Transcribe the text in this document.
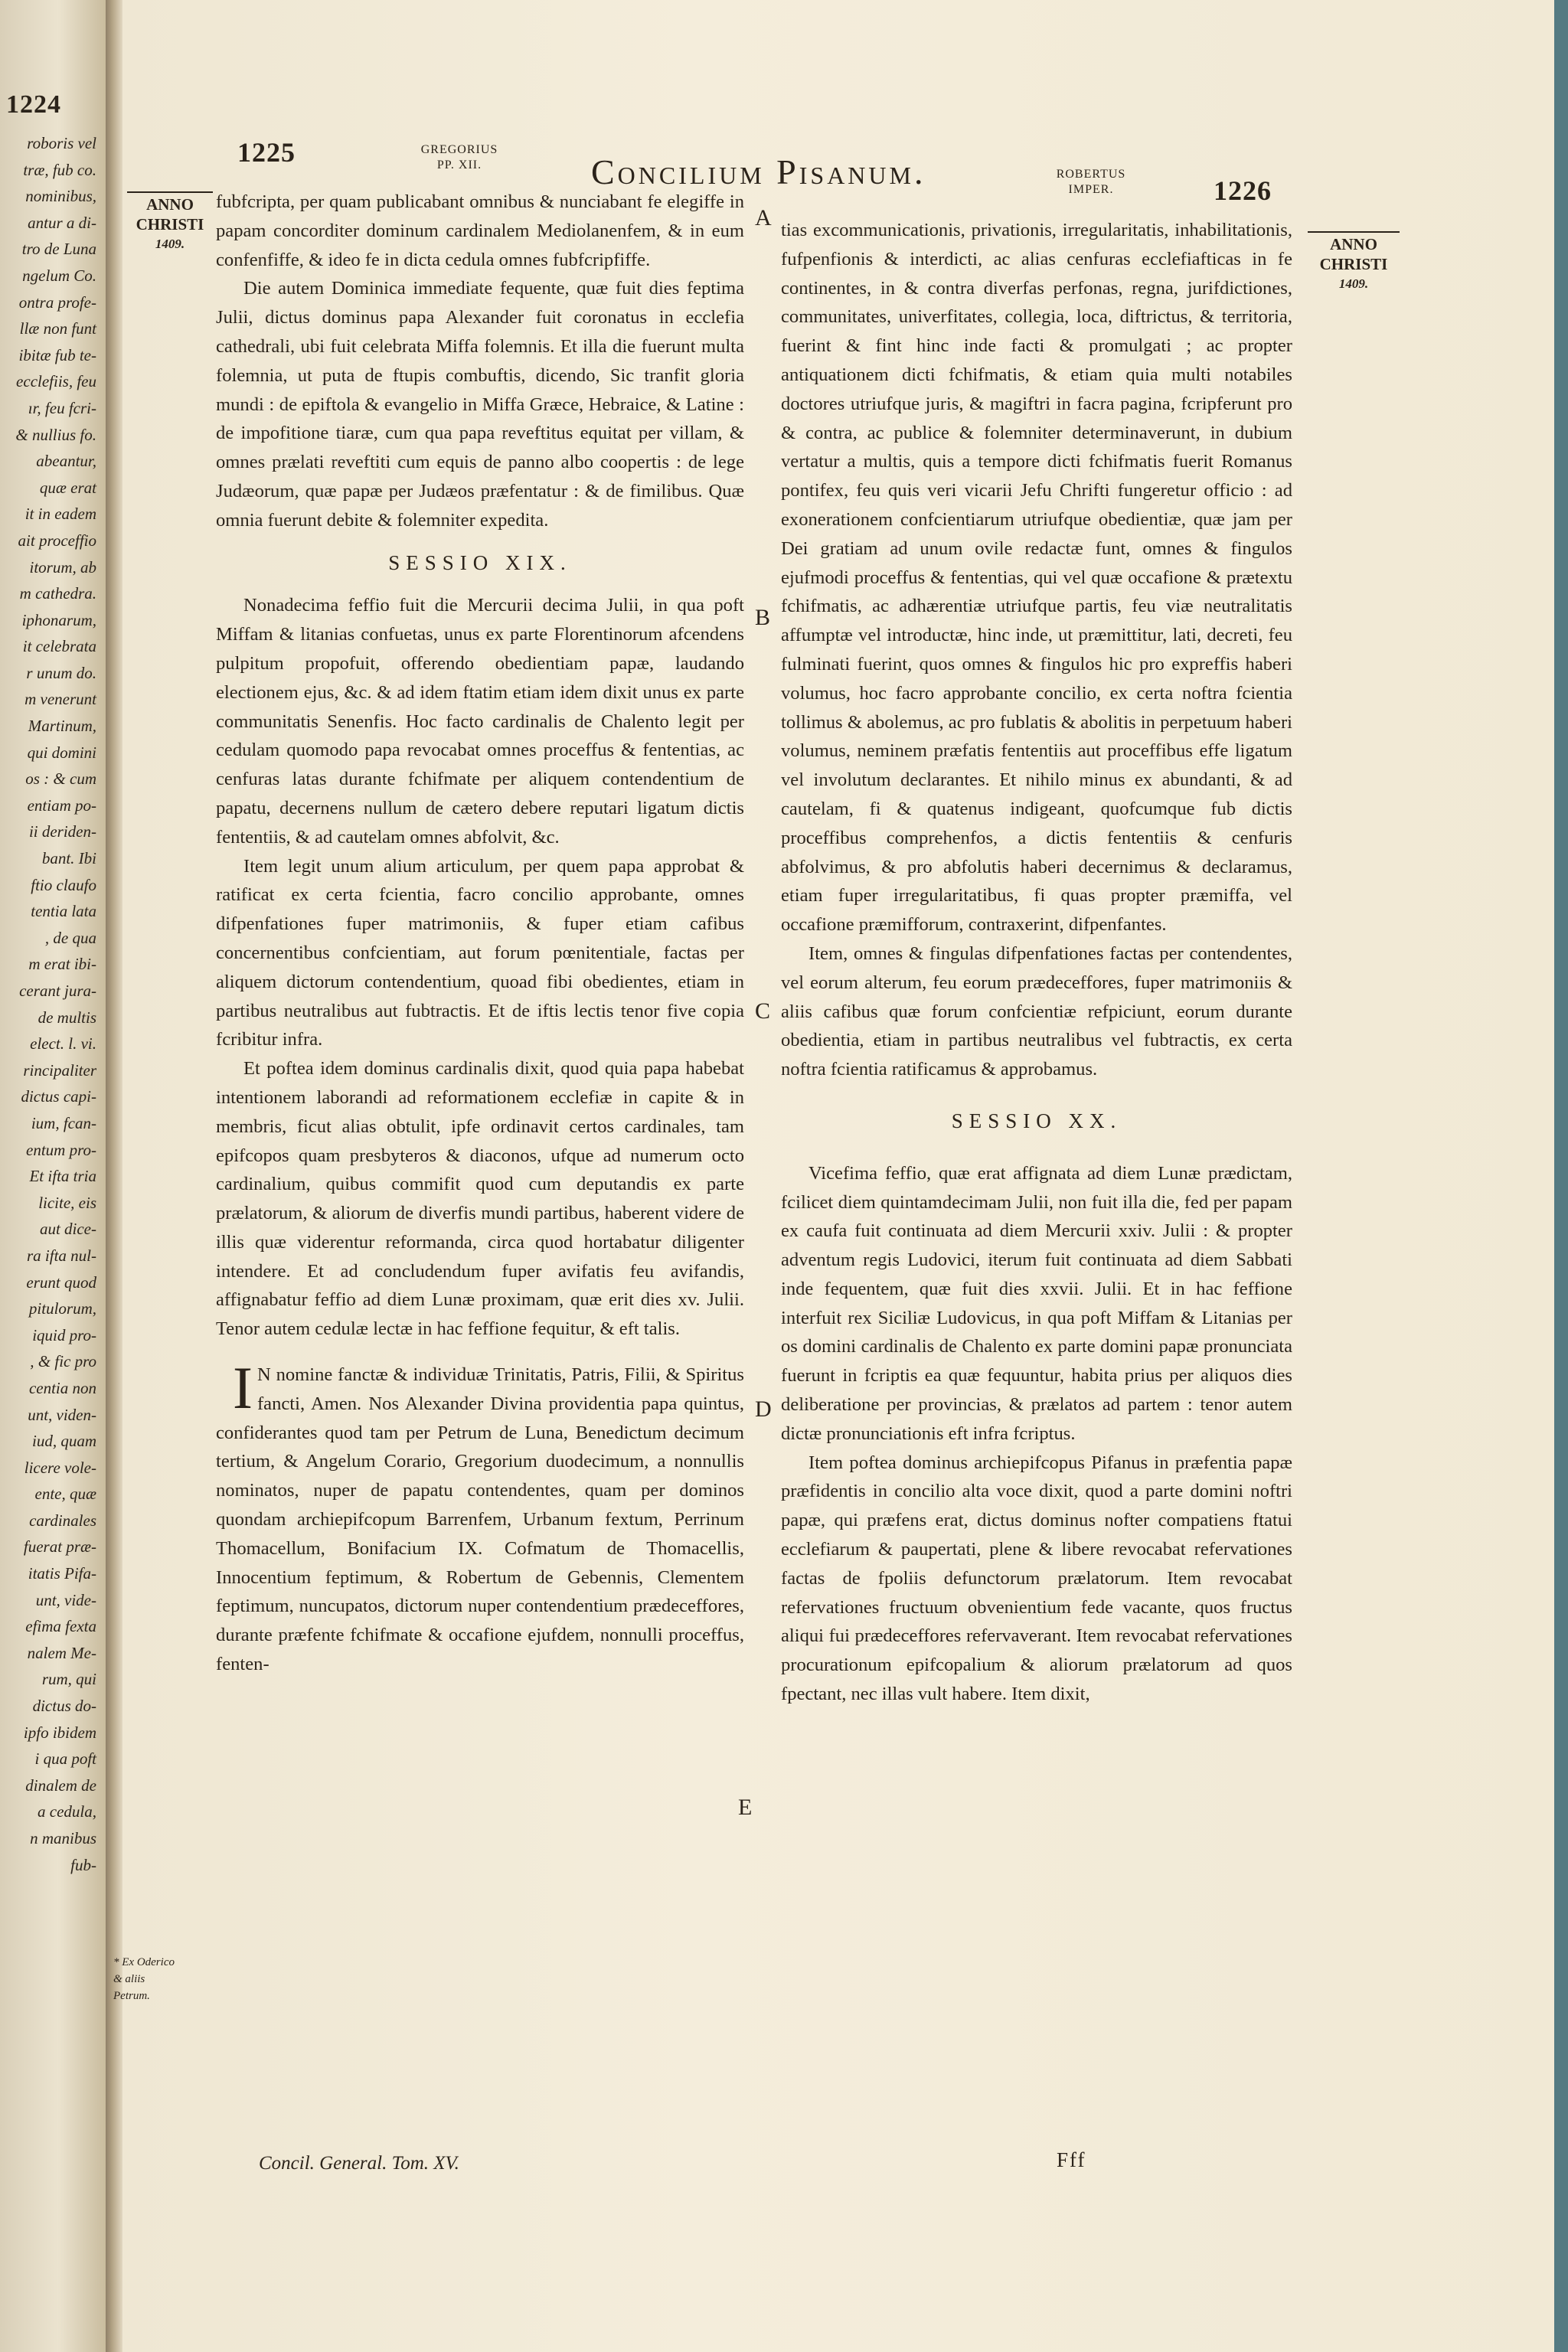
1224
roboris vel
træ, fub co.
nominibus,
antur a di-
tro de Luna
ngelum Co.
ontra profe-
llæ non funt
ibitæ fub te-
ecclefiis, feu
ır, feu fcri-
& nullius fo.
abeantur,
quæ erat
it in eadem
ait proceffio
itorum, ab
m cathedra.
iphonarum,
it celebrata
r unum do.
m venerunt
Martinum,
qui domini
os : & cum
entiam po-
ii deriden-
bant. Ibi
ftio claufo
tentia lata
, de qua
m erat ibi-
cerant jura-
de multis
elect. l. vi.
rincipaliter
dictus capi-
ium, fcan-
entum pro-
Et ifta tria
licite, eis
aut dice-
ra ifta nul-
erunt quod
pitulorum,
iquid pro-
, & fic pro
centia non
unt, viden-
iud, quam
licere vole-
ente, quæ
cardinales
fuerat præ-
itatis Pifa-
unt, vide-
efima fexta
nalem Me-
rum, qui
dictus do-
ipfo ibidem
i qua poft
dinalem de
a cedula,
n manibus
fub-
1225	GREGORIUS
PP. XII.	Concilium Pisanum.	ROBERTUS
IMPER.	1226
ANNO
CHRISTI
1409.	ANNO
CHRISTI
1409.

fubfcripta, per quam publicabant omnibus & nunciabant fe elegiffe in papam concorditer dominum cardinalem Mediolanenfem, & in eum confenfiffe, & ideo fe in dicta cedula omnes fubfcripfiffe.

Die autem Dominica immediate fequente, quæ fuit dies feptima Julii, dictus dominus papa Alexander fuit coronatus in ecclefia cathedrali, ubi fuit celebrata Miffa folemnis. Et illa die fuerunt multa folemnia, ut puta de ftupis combuftis, dicendo, Sic tranfit gloria mundi : de epiftola & evangelio in Miffa Græce, Hebraice, & Latine : de impofitione tiaræ, cum qua papa reveftitus equitat per villam, & omnes prælati reveftiti cum equis de panno albo coopertis : de lege Judæorum, quæ papæ per Judæos præfentatur : & de fimilibus. Quæ omnia fuerunt debite & folemniter expedita.

SESSIO XIX.

Nonadecima feffio fuit die Mercurii decima Julii, in qua poft Miffam & litanias confuetas, unus ex parte Florentinorum afcendens pulpitum propofuit, offerendo obedientiam papæ, laudando electionem ejus, &c. & ad idem ftatim etiam idem dixit unus ex parte communitatis Senenfis. Hoc facto cardinalis de Chalento legit per cedulam quomodo papa revocabat omnes proceffus & fententias, ac cenfuras latas durante fchifmate per aliquem contendentium de papatu, decernens nullum de cætero debere reputari ligatum dictis fententiis, & ad cautelam omnes abfolvit, &c.

Item legit unum alium articulum, per quem papa approbat & ratificat ex certa fcientia, facro concilio approbante, omnes difpenfationes fuper matrimoniis, & fuper etiam cafibus concernentibus confcientiam, aut forum pœnitentiale, factas per aliquem dictorum contendentium, quoad fibi obedientes, etiam in partibus neutralibus aut fubtractis. Et de iftis lectis tenor five copia fcribitur infra.

Et poftea idem dominus cardinalis dixit, quod quia papa habebat intentionem laborandi ad reformationem ecclefiæ in capite & in membris, ficut alias obtulit, ipfe ordinavit certos cardinales, tam epifcopos quam presbyteros & diaconos, ufque ad numerum octo cardinalium, quibus commifit quod cum deputandis ex parte prælatorum, & aliorum de diverfis mundi partibus, haberent videre de illis quæ viderentur reformanda, circa quod hortabatur diligenter intendere. Et ad concludendum fuper avifatis feu avifandis, affignabatur feffio ad diem Lunæ proximam, quæ erit dies xv. Julii. Tenor autem cedulæ lectæ in hac feffione fequitur, & eft talis.

I N nomine fanctæ & individuæ Trinitatis, Patris, Filii, & Spiritus fancti, Amen. Nos Alexander Divina providentia papa quintus, confiderantes quod tam per Petrum de Luna, Benedictum decimum tertium, & Angelum Corario, Gregorium duodecimum, a nonnullis nominatos, nuper de papatu contendentes, quam per dominos quondam archiepifcopum Barrenfem, Urbanum fextum, Perrinum Thomacellum, Bonifacium IX. Cofmatum de Thomacellis, Innocentium feptimum, & Robertum de Gebennis, Clementem feptimum, nuncupatos, dictorum nuper contendentium prædeceffores, durante præfente fchifmate & occafione ejufdem, nonnulli proceffus, fenten-

tias excommunicationis, privationis, irregularitatis, inhabilitationis, fufpenfionis & interdicti, ac alias cenfuras ecclefiafticas in fe continentes, in & contra diverfas perfonas, regna, jurifdictiones, communitates, univerfitates, collegia, loca, diftrictus, & territoria, fuerint & fint hinc inde facti & promulgati ; ac propter antiquationem dicti fchifmatis, & etiam quia multi notabiles doctores utriufque juris, & magiftri in facra pagina, fcripferunt pro & contra, ac publice & folemniter determinaverunt, in dubium vertatur a multis, quis a tempore dicti fchifmatis fuerit Romanus pontifex, feu quis veri vicarii Jefu Chrifti fungeretur officio : ad exonerationem confcientiarum utriufque obedientiæ, quæ jam per Dei gratiam ad unum ovile redactæ funt, omnes & fingulos ejufmodi proceffus & fententias, qui vel quæ occafione & prætextu fchifmatis, ac adhærentiæ utriufque partis, feu viæ neutralitatis affumptæ vel introductæ, hinc inde, ut præmittitur, lati, decreti, feu fulminati fuerint, quos omnes & fingulos hic pro expreffis haberi volumus, hoc facro approbante concilio, ex certa noftra fcientia tollimus & abolemus, ac pro fublatis & abolitis in perpetuum haberi volumus, neminem præfatis fententiis aut proceffibus effe ligatum vel involutum declarantes. Et nihilo minus ex abundanti, & ad cautelam, fi & quatenus indigeant, quofcumque fub dictis proceffibus comprehenfos, a dictis fententiis & cenfuris abfolvimus, & pro abfolutis haberi decernimus & declaramus, etiam fuper irregularitatibus, fi quas propter præmiffa, vel occafione præmifforum, contraxerint, difpenfantes.

Item, omnes & fingulas difpenfationes factas per contendentes, vel eorum alterum, feu eorum prædeceffores, fuper matrimoniis & aliis cafibus quæ forum confcientiæ refpiciunt, eorum durante obedientia, etiam in partibus neutralibus vel fubtractis, ex certa noftra fcientia ratificamus & approbamus.

SESSIO XX.

Vicefima feffio, quæ erat affignata ad diem Lunæ prædictam, fcilicet diem quintamdecimam Julii, non fuit illa die, fed per papam ex caufa fuit continuata ad diem Mercurii xxiv. Julii : & propter adventum regis Ludovici, iterum fuit continuata ad diem Sabbati inde fequentem, quæ fuit dies xxvii. Julii. Et in hac feffione interfuit rex Siciliæ Ludovicus, in qua poft Miffam & Litanias per os domini cardinalis de Chalento ex parte domini papæ pronunciata fuerunt in fcriptis ea quæ fequuntur, habita prius per aliquos dies deliberatione per provincias, & prælatos ad partem : tenor autem dictæ pronunciationis eft infra fcriptus.

Item poftea dominus archiepifcopus Pifanus in præfentia papæ præfidentis in concilio alta voce dixit, quod a parte domini noftri papæ, qui præfens erat, dictus dominus nofter compatiens ftatui ecclefiarum & paupertati, plene & libere revocabat refervationes factas de fpoliis defunctorum prælatorum. Item revocabat refervationes fructuum obvenientium fede vacante, quos fructus aliqui fui prædeceffores refervaverant. Item revocabat refervationes procurationum epifcopalium & aliorum prælatorum ad quos fpectant, nec illas vult habere. Item dixit,

A
B
C
D
E
* Ex Oderico
& aliis
Petrum.
Concil. General. Tom. XV.	Fff
